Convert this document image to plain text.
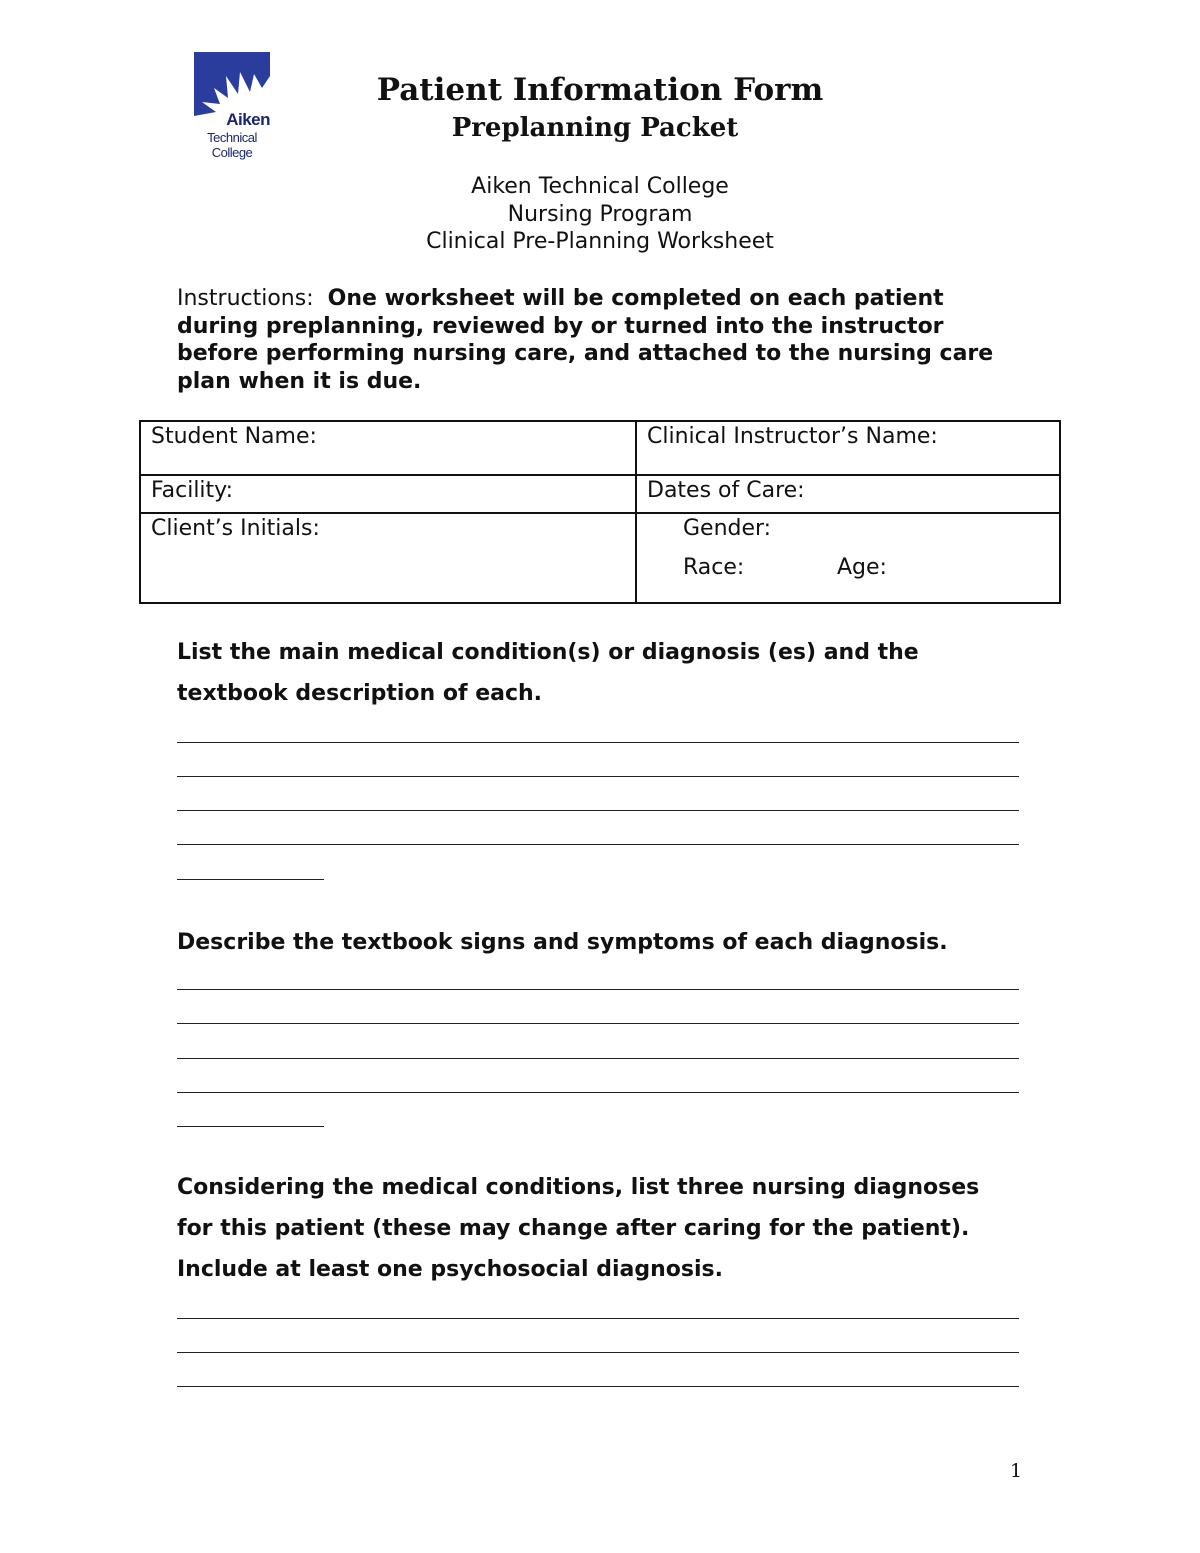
Aiken
Technical
College
Patient Information Form
Preplanning Packet
Aiken Technical College
Nursing Program
Clinical Pre-Planning Worksheet
Instructions: One worksheet will be completed on each patient during preplanning, reviewed by or turned into the instructor before performing nursing care, and attached to the nursing care plan when it is due.
Student Name:	Clinical Instructor’s Name:
Facility:	Dates of Care:
Client’s Initials:	Gender:
Race: Age:
List the main medical condition(s) or diagnosis (es) and the textbook description of each.
Describe the textbook signs and symptoms of each diagnosis.
Considering the medical conditions, list three nursing diagnoses for this patient (these may change after caring for the patient). Include at least one psychosocial diagnosis.
1
